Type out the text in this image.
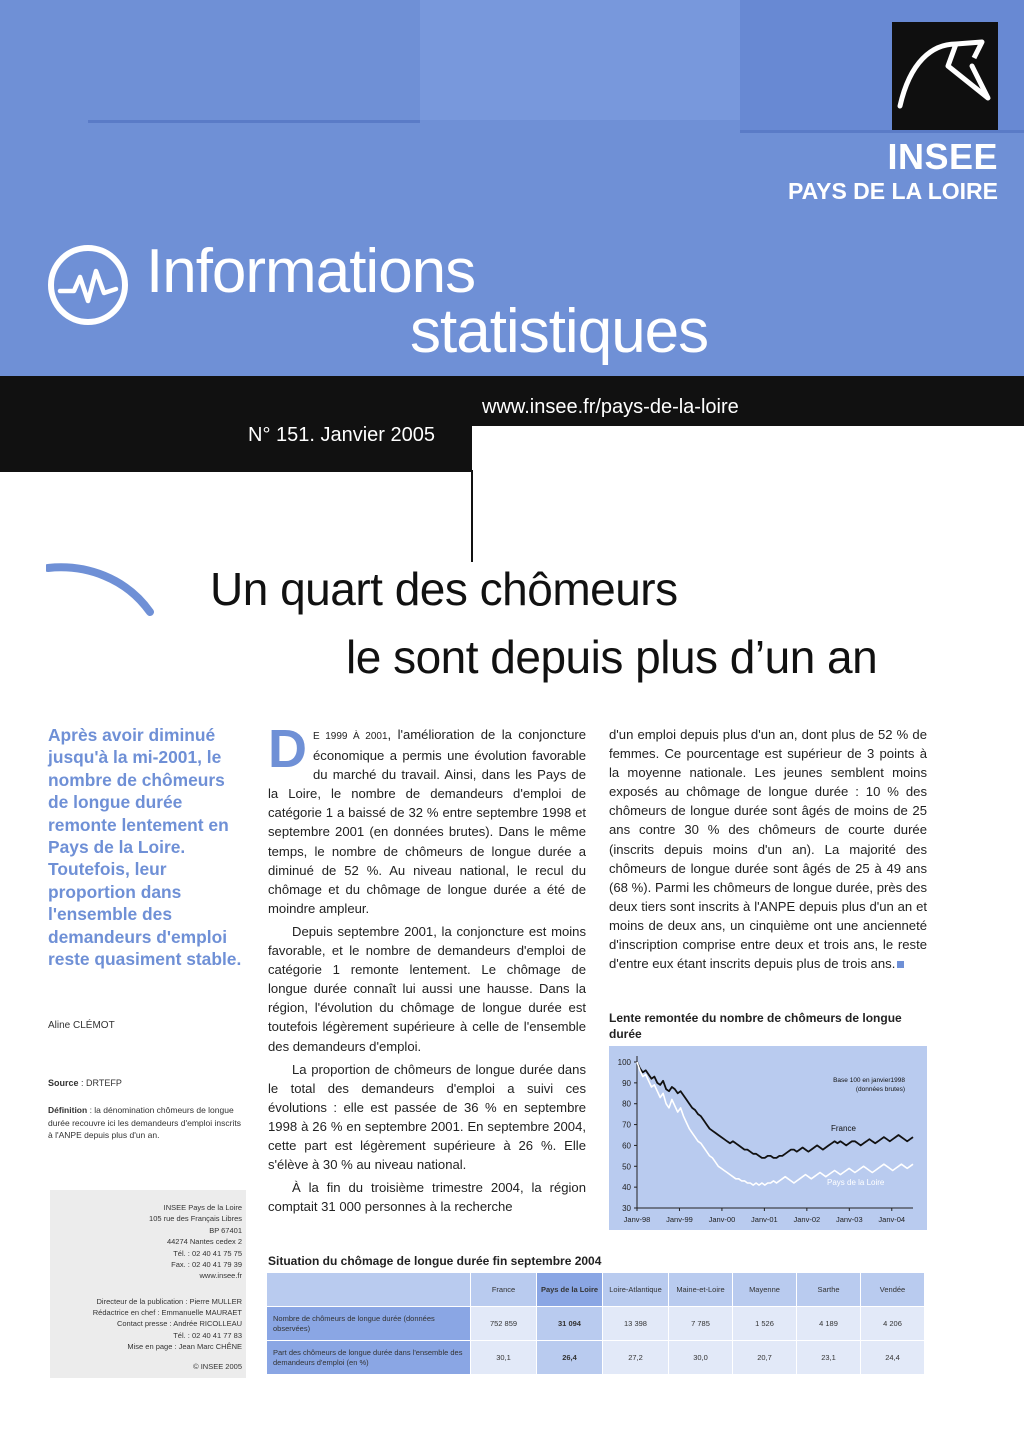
INSEE
PAYS DE LA LOIRE
Informations
statistiques
www.insee.fr/pays-de-la-loire
N° 151. Janvier 2005
Un quart des chômeurs
le sont depuis plus d’un an
Après avoir diminué jusqu'à la mi-2001, le nombre de chômeurs de longue durée remonte lentement en Pays de la Loire. Toutefois, leur proportion dans l'ensemble des demandeurs d'emploi reste quasiment stable.
Aline CLÉMOT
Source : DRTEFP
Définition : la dénomination chômeurs de longue durée recouvre ici les demandeurs d'emploi inscrits à l'ANPE depuis plus d'un an.
INSEE Pays de la Loire
105 rue des Français Libres
BP 67401
44274 Nantes cedex 2
Tél. : 02 40 41 75 75
Fax. : 02 40 41 79 39
www.insee.fr
Directeur de la publication : Pierre MULLER
Rédactrice en chef : Emmanuelle MAURAET
Contact presse : Andrée RICOLLEAU
Tél. : 02 40 41 77 83
Mise en page : Jean Marc CHÊNE
© INSEE 2005

D E 1999 À 2001, l'amélioration de la conjoncture économique a permis une évolution favorable du marché du travail. Ainsi, dans les Pays de la Loire, le nombre de demandeurs d'emploi de catégorie 1 a baissé de 32 % entre septembre 1998 et septembre 2001 (en données brutes). Dans le même temps, le nombre de chômeurs de longue durée a diminué de 52 %. Au niveau national, le recul du chômage et du chômage de longue durée a été de moindre ampleur.

Depuis septembre 2001, la conjoncture est moins favorable, et le nombre de demandeurs d'emploi de catégorie 1 remonte lentement. Le chômage de longue durée connaît lui aussi une hausse. Dans la région, l'évolution du chômage de longue durée est toutefois légèrement supérieure à celle de l'ensemble des demandeurs d'emploi.

La proportion de chômeurs de longue durée dans le total des demandeurs d'emploi a suivi ces évolutions : elle est passée de 36 % en septembre 1998 à 26 % en septembre 2001. En septembre 2004, cette part est légèrement supérieure à 26 %. Elle s'élève à 30 % au niveau national.

À la fin du troisième trimestre 2004, la région comptait 31 000 personnes à la recherche

d'un emploi depuis plus d'un an, dont plus de 52 % de femmes. Ce pourcentage est supérieur de 3 points à la moyenne nationale. Les jeunes semblent moins exposés au chômage de longue durée : 10 % des chômeurs de longue durée sont âgés de moins de 25 ans contre 30 % des chômeurs de courte durée (inscrits depuis moins d'un an). La majorité des chômeurs de longue durée sont âgés de 25 à 49 ans (68 %). Parmi les chômeurs de longue durée, près des deux tiers sont inscrits à l'ANPE depuis plus d'un an et moins de deux ans, un cinquième ont une ancienneté d'inscription comprise entre deux et trois ans, le reste d'entre eux étant inscrits depuis plus de trois ans.

Lente remontée du nombre de chômeurs de longue durée
30
40
50
60
70
80
90
100
Janv-98 Janv-99 Janv-00 Janv-01 Janv-02 Janv-03 Janv-04
France
Pays de la Loire
Base 100 en janvier1998
(données brutes)
Situation du chômage de longue durée fin septembre 2004
	France	Pays de la Loire	Loire-Atlantique	Maine-et-Loire	Mayenne	Sarthe	Vendée
Nombre de chômeurs de longue durée (données observées)	752 859	31 094	13 398	7 785	1 526	4 189	4 206
Part des chômeurs de longue durée dans l'ensemble des demandeurs d'emploi (en %)	30,1	26,4	27,2	30,0	20,7	23,1	24,4
